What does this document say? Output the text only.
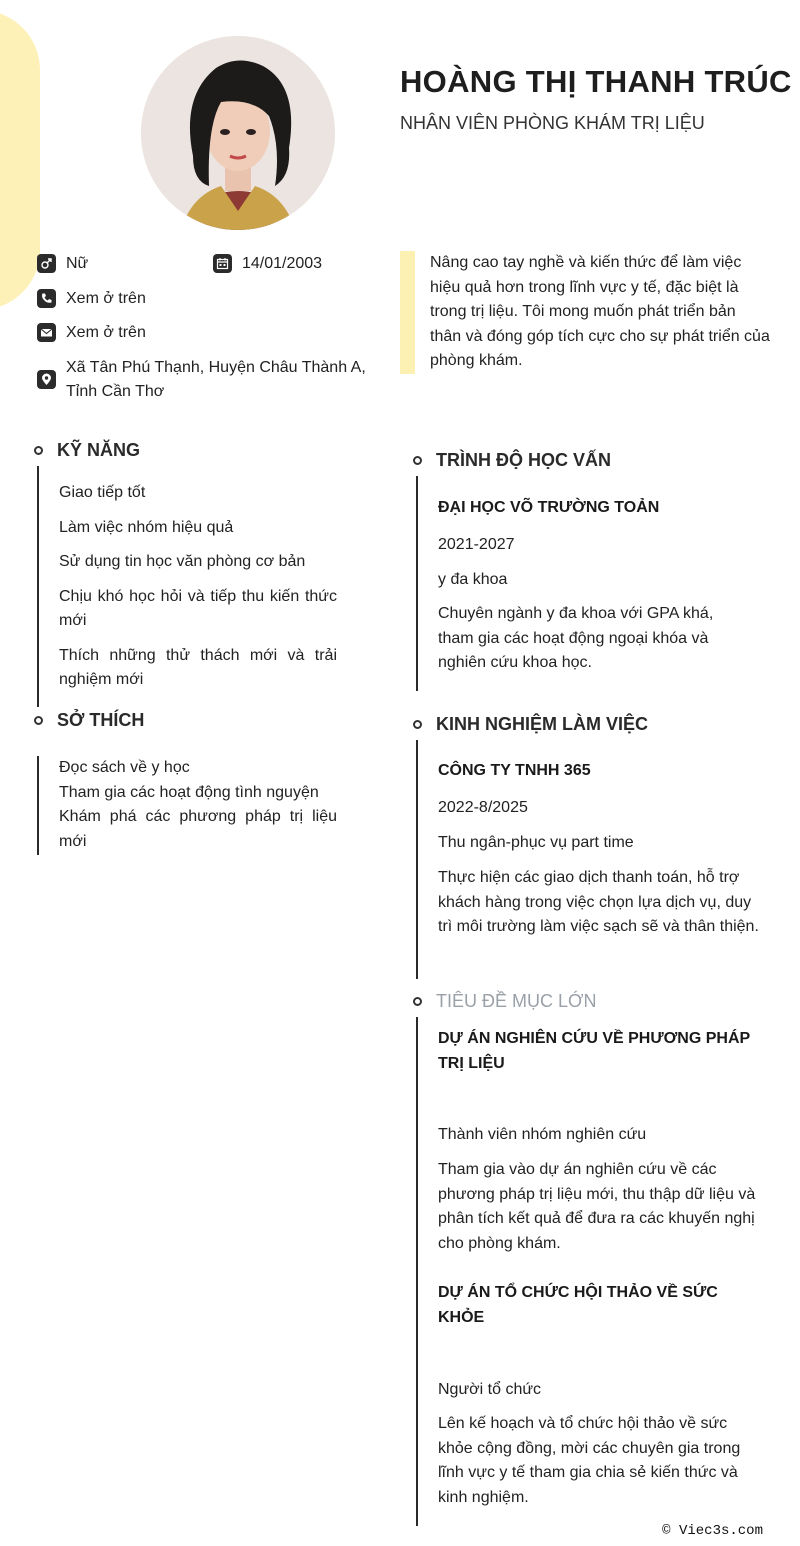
HOÀNG THỊ THANH TRÚC
NHÂN VIÊN PHÒNG KHÁM TRỊ LIỆU
Nữ	14/01/2003
Xem ở trên
Xem ở trên
Xã Tân Phú Thạnh, Huyện Châu Thành A,
Tỉnh Cần Thơ

Nâng cao tay nghề và kiến thức để làm việc hiệu quả hơn trong lĩnh vực y tế, đặc biệt là trong trị liệu. Tôi mong muốn phát triển bản thân và đóng góp tích cực cho sự phát triển của phòng khám.

KỸ NĂNG
Giao tiếp tốt
Làm việc nhóm hiệu quả
Sử dụng tin học văn phòng cơ bản
Chịu khó học hỏi và tiếp thu kiến thức mới
Thích những thử thách mới và trải nghiệm mới
SỞ THÍCH
Đọc sách về y học
Tham gia các hoạt động tình nguyện
Khám phá các phương pháp trị liệu mới
TRÌNH ĐỘ HỌC VẤN
ĐẠI HỌC VÕ TRƯỜNG TOẢN
2021-2027
y đa khoa
Chuyên ngành y đa khoa với GPA khá, tham gia các hoạt động ngoại khóa và nghiên cứu khoa học.
KINH NGHIỆM LÀM VIỆC
CÔNG TY TNHH 365
2022-8/2025
Thu ngân-phục vụ part time
Thực hiện các giao dịch thanh toán, hỗ trợ khách hàng trong việc chọn lựa dịch vụ, duy trì môi trường làm việc sạch sẽ và thân thiện.
TIÊU ĐỀ MỤC LỚN
DỰ ÁN NGHIÊN CỨU VỀ PHƯƠNG PHÁP TRỊ LIỆU
Thành viên nhóm nghiên cứu
Tham gia vào dự án nghiên cứu về các phương pháp trị liệu mới, thu thập dữ liệu và phân tích kết quả để đưa ra các khuyến nghị cho phòng khám.
DỰ ÁN TỔ CHỨC HỘI THẢO VỀ SỨC KHỎE
Người tổ chức
Lên kế hoạch và tổ chức hội thảo về sức khỏe cộng đồng, mời các chuyên gia trong lĩnh vực y tế tham gia chia sẻ kiến thức và kinh nghiệm.
© Viec3s.com
